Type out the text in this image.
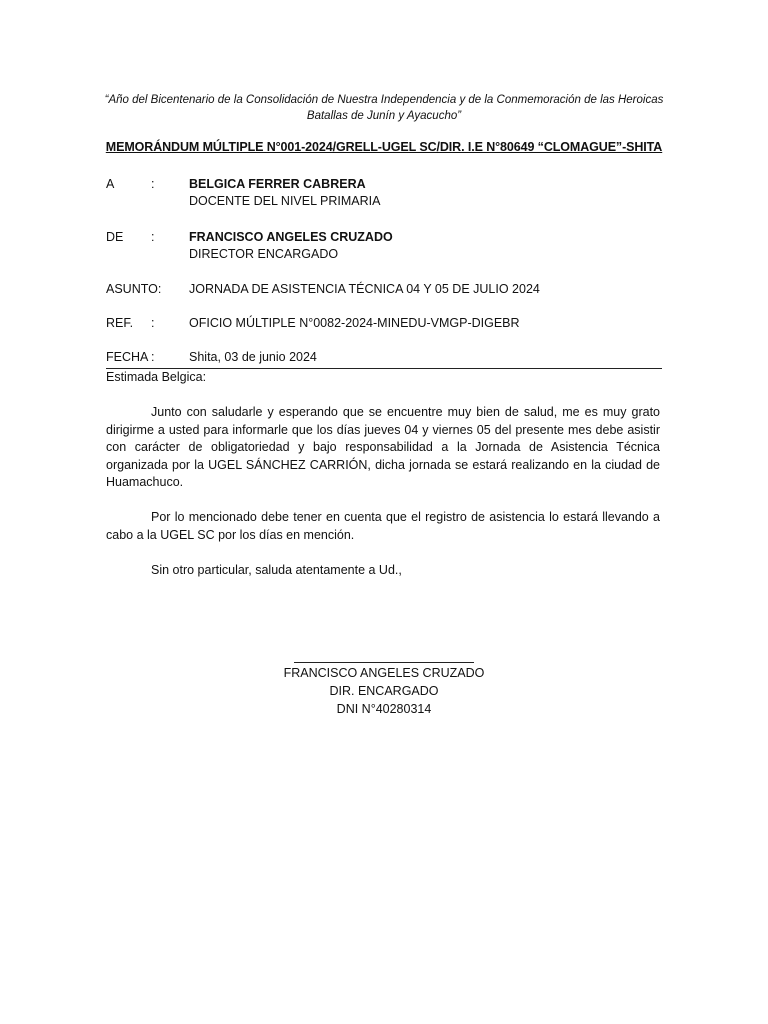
“Año del Bicentenario de la Consolidación de Nuestra Independencia y de la Conmemoración de las Heroicas Batallas de Junín y Ayacucho”
MEMORÁNDUM MÚLTIPLE N°001-2024/GRELL-UGEL SC/DIR. I.E N°80649 “CLOMAGUE”-SHITA
A	:	BELGICA FERRER CABRERA
DOCENTE DEL NIVEL PRIMARIA
DE :	FRANCISCO ANGELES CRUZADO
DIRECTOR ENCARGADO
ASUNTO: JORNADA DE ASISTENCIA TÉCNICA 04 Y 05 DE JULIO 2024
REF. :	OFICIO MÚLTIPLE N°0082-2024-MINEDU-VMGP-DIGEBR
FECHA :	Shita, 03 de junio 2024
Estimada Belgica:
Junto con saludarle y esperando que se encuentre muy bien de salud, me es muy grato dirigirme a usted para informarle que los días jueves 04 y viernes 05 del presente mes debe asistir con carácter de obligatoriedad y bajo responsabilidad a la Jornada de Asistencia Técnica organizada por la UGEL SÁNCHEZ CARRIÓN, dicha jornada se estará realizando en la ciudad de Huamachuco.
Por lo mencionado debe tener en cuenta que el registro de asistencia lo estará llevando a cabo a la UGEL SC por los días en mención.
Sin otro particular, saluda atentamente a Ud.,
FRANCISCO ANGELES CRUZADO
DIR. ENCARGADO
DNI N°40280314
